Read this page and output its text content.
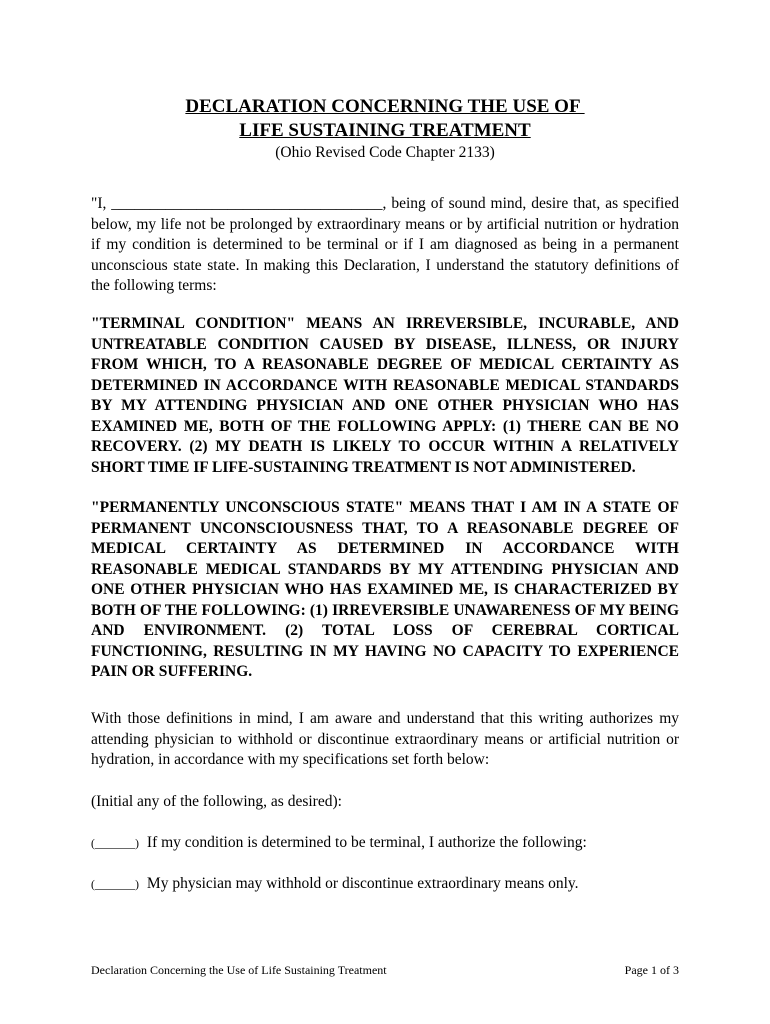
DECLARATION CONCERNING THE USE OF
LIFE SUSTAINING TREATMENT
(Ohio Revised Code Chapter 2133)

"I, ___________________________________, being of sound mind, desire that, as specified below, my life not be prolonged by extraordinary means or by artificial nutrition or hydration if my condition is determined to be terminal or if I am diagnosed as being in a permanent unconscious state state. In making this Declaration, I understand the statutory definitions of the following terms:

"TERMINAL CONDITION" MEANS AN IRREVERSIBLE, INCURABLE, AND UNTREATABLE CONDITION CAUSED BY DISEASE, ILLNESS, OR INJURY FROM WHICH, TO A REASONABLE DEGREE OF MEDICAL CERTAINTY AS DETERMINED IN ACCORDANCE WITH REASONABLE MEDICAL STANDARDS BY MY ATTENDING PHYSICIAN AND ONE OTHER PHYSICIAN WHO HAS EXAMINED ME, BOTH OF THE FOLLOWING APPLY: (1) THERE CAN BE NO RECOVERY. (2) MY DEATH IS LIKELY TO OCCUR WITHIN A RELATIVELY SHORT TIME IF LIFE-SUSTAINING TREATMENT IS NOT ADMINISTERED.

"PERMANENTLY UNCONSCIOUS STATE" MEANS THAT I AM IN A STATE OF PERMANENT UNCONSCIOUSNESS THAT, TO A REASONABLE DEGREE OF MEDICAL CERTAINTY AS DETERMINED IN ACCORDANCE WITH REASONABLE MEDICAL STANDARDS BY MY ATTENDING PHYSICIAN AND ONE OTHER PHYSICIAN WHO HAS EXAMINED ME, IS CHARACTERIZED BY BOTH OF THE FOLLOWING: (1) IRREVERSIBLE UNAWARENESS OF MY BEING AND ENVIRONMENT. (2) TOTAL LOSS OF CEREBRAL CORTICAL FUNCTIONING, RESULTING IN MY HAVING NO CAPACITY TO EXPERIENCE PAIN OR SUFFERING.

With those definitions in mind, I am aware and understand that this writing authorizes my attending physician to withhold or discontinue extraordinary means or artificial nutrition or hydration, in accordance with my specifications set forth below:

(Initial any of the following, as desired):

(_______) If my condition is determined to be terminal, I authorize the following:

(_______) My physician may withhold or discontinue extraordinary means only.

Declaration Concerning the Use of Life Sustaining Treatment	Page 1 of 3
